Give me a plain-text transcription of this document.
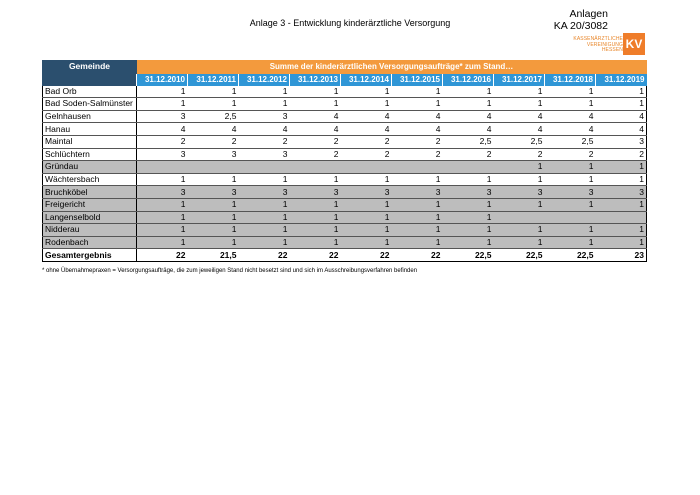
Anlage 3 - Entwicklung kinderärztliche Versorgung
Anlagen
KA 20/3082
KASSENÄRZTLICHE
VEREINIGUNG
HESSEN KV
Gemeinde	Summe der kinderärztlichen Versorgungsaufträge* zum Stand…									
	31.12.2010	31.12.2011	31.12.2012	31.12.2013	31.12.2014	31.12.2015	31.12.2016	31.12.2017	31.12.2018	31.12.2019
Bad Orb	1	1	1	1	1	1	1	1	1	1
Bad Soden-Salmünster	1	1	1	1	1	1	1	1	1	1
Gelnhausen	3	2,5	3	4	4	4	4	4	4	4
Hanau	4	4	4	4	4	4	4	4	4	4
Maintal	2	2	2	2	2	2	2,5	2,5	2,5	3
Schlüchtern	3	3	3	2	2	2	2	2	2	2
Gründau								1	1	1
Wächtersbach	1	1	1	1	1	1	1	1	1	1
Bruchköbel	3	3	3	3	3	3	3	3	3	3
Freigericht	1	1	1	1	1	1	1	1	1	1
Langenselbold	1	1	1	1	1	1	1			
Nidderau	1	1	1	1	1	1	1	1	1	1
Rodenbach	1	1	1	1	1	1	1	1	1	1
Gesamtergebnis	22	21,5	22	22	22	22	22,5	22,5	22,5	23
* ohne Übernahmepraxen = Versorgungsaufträge, die zum jeweiligen Stand nicht besetzt sind und sich im Ausschreibungsverfahren befinden
